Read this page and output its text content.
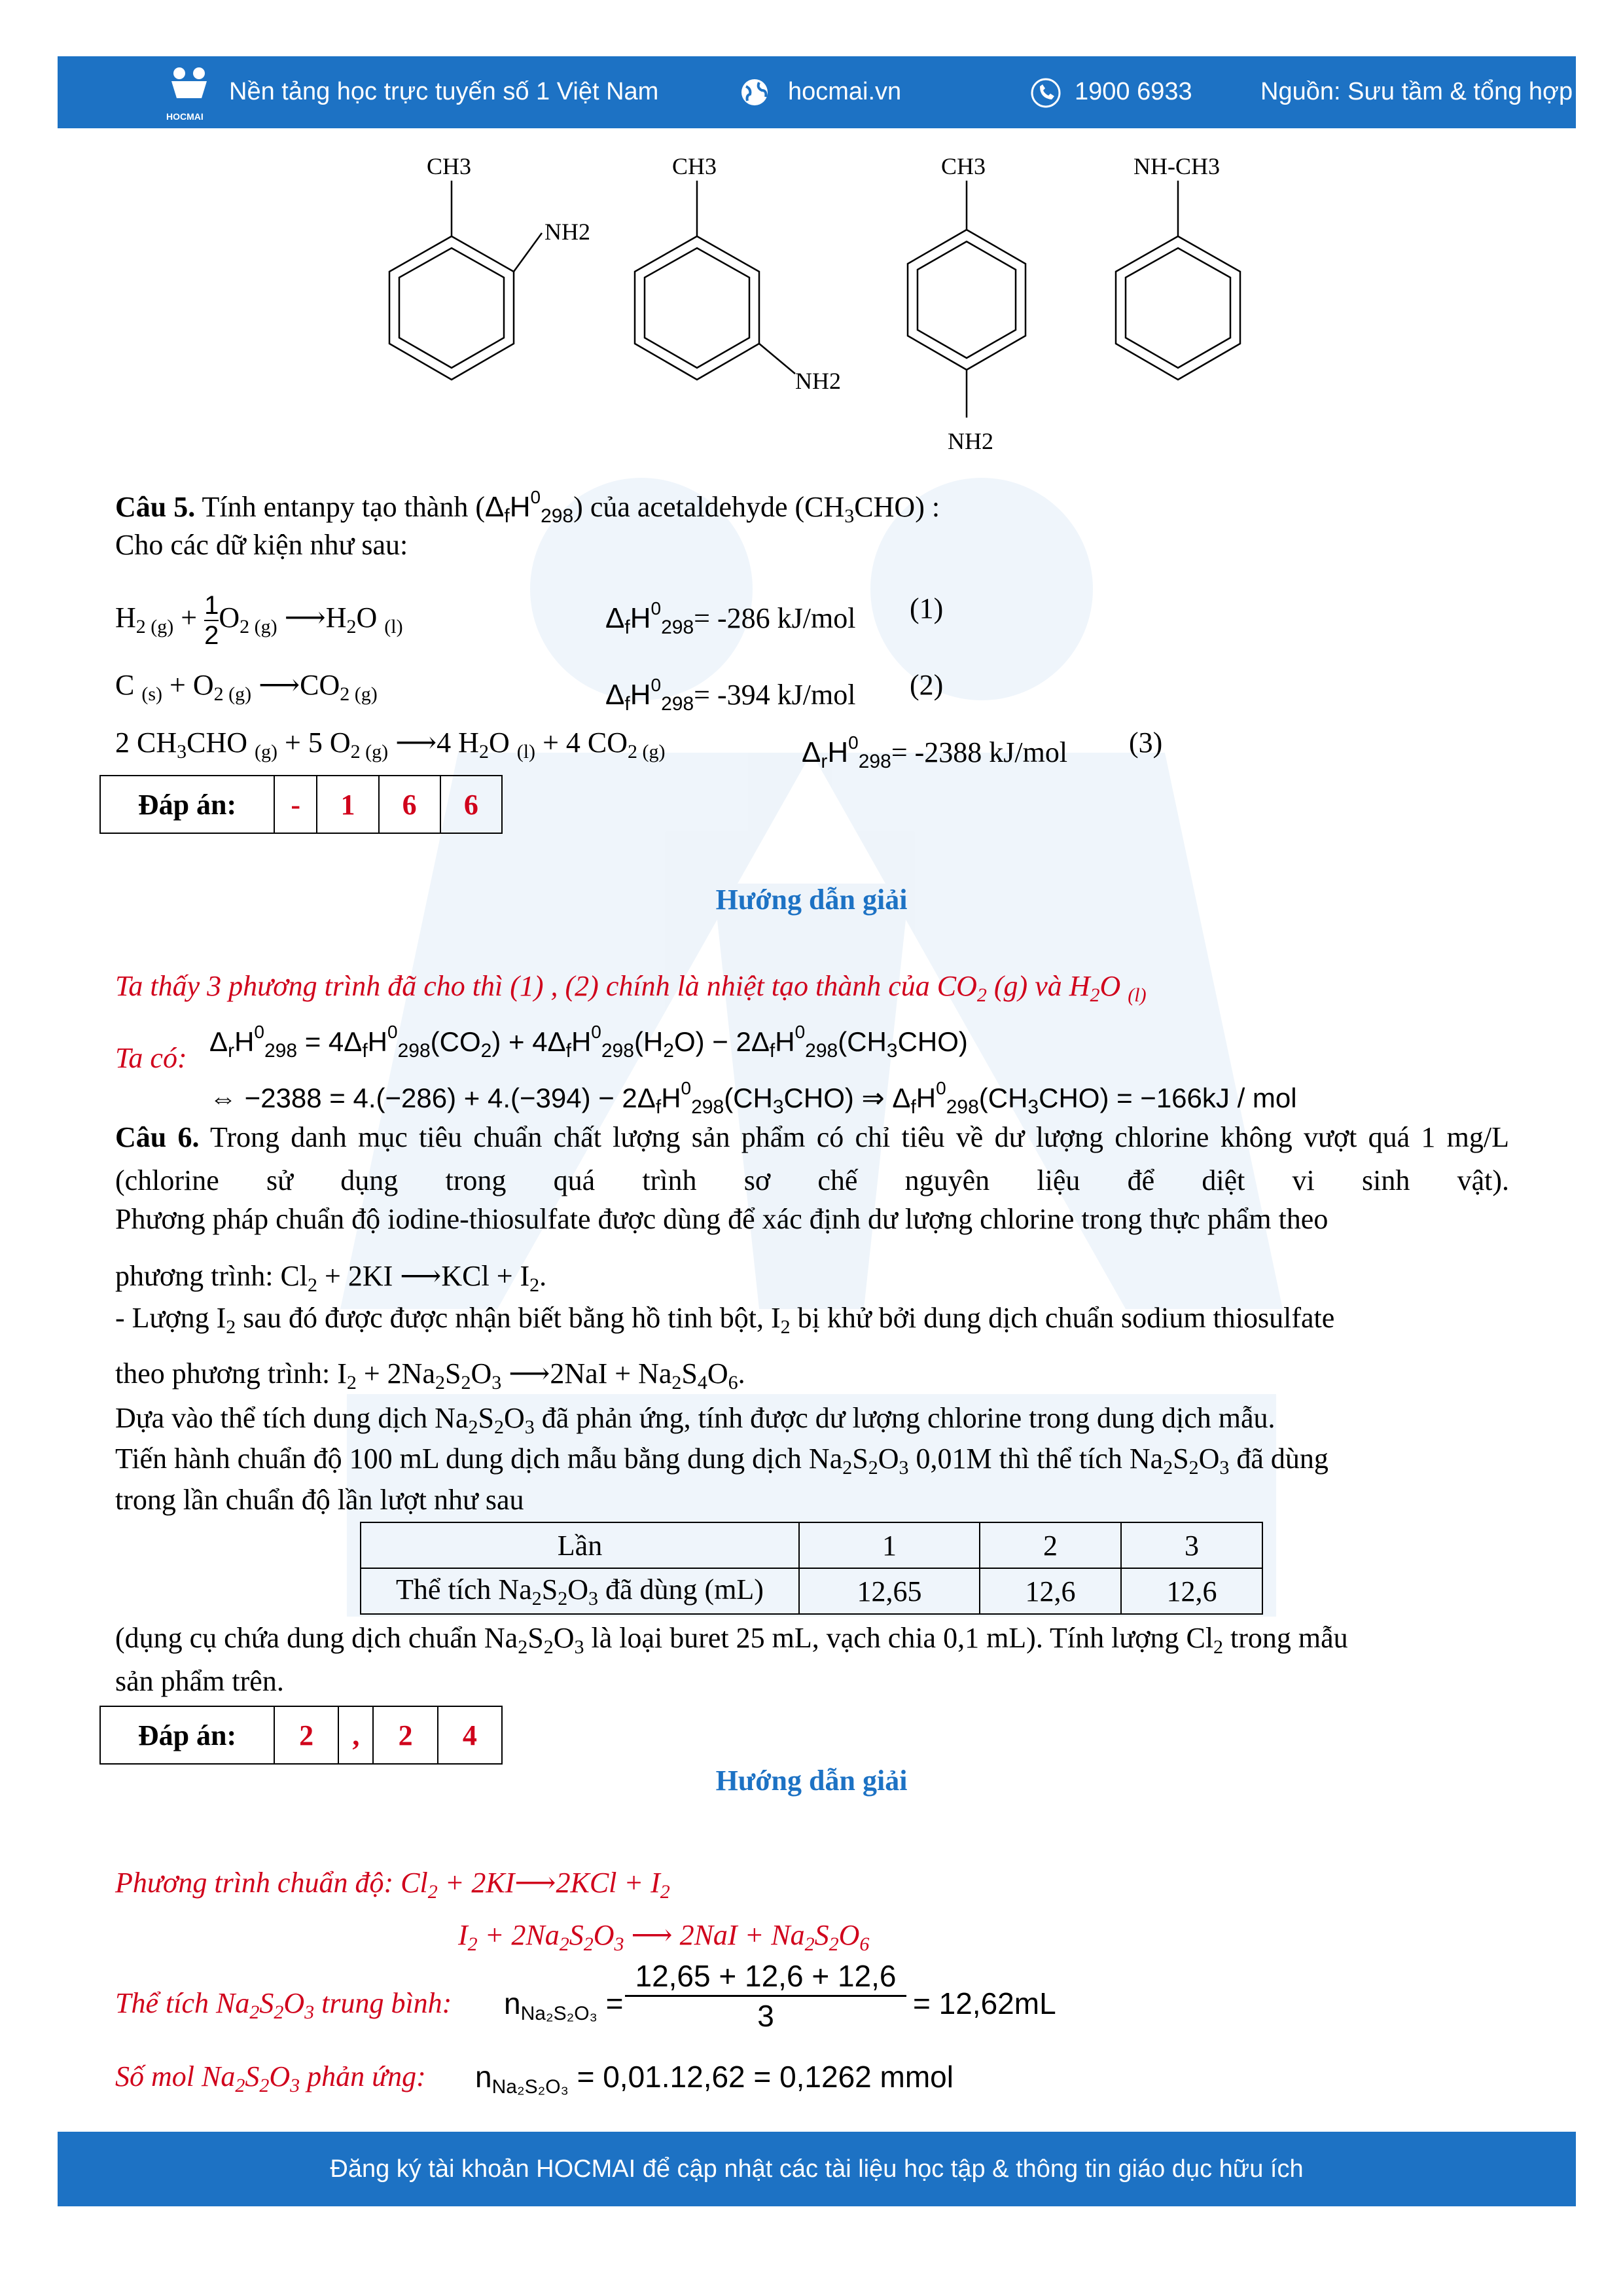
HOCMAI
Nền tảng học trực tuyến số 1 Việt Nam	hocmai.vn	1900 6933	Nguồn: Sưu tầm & tổng hợp
CH3
NH2
CH3
NH2
CH3
NH2
NH-CH3
Câu 5. Tính entanpy tạo thành $(\Delta_fH^0_{298})$ của acetaldehyde $(CH_3CHO)$ :
Cho các dữ kiện như sau:
$H_{2 (g)} + 1$

2
$O_{2 (g)}$ $⟶H_2O$ $_{(l)}$	$\Delta_fH^0_{298}= -286$ kJ/mol (1)
C $_{(s)} + O_{2 (g)}$ $⟶CO_{2 (g)}$	$\Delta_fH^0_{298}= -394$ kJ/mol (2)
2 $CH_3CHO$ $_{(g)}$ + 5 $O_{2 (g)}$ ⟶4 $H_2O$ $_{(l)}$ + 4 $CO_{2 (g)}$	$\Delta_rH^0_{298}= -2388$ kJ/mol (3)
Đáp án:	-	1	6	6
Hướng dẫn giải
Ta thấy 3 phương trình đã cho thì (1) , (2) chính là nhiệt tạo thành của $CO_2$ (g) và $H_2O$ $_{(l)}$
$\Delta_rH^0_{298} = 4\Delta_fH^0_{298}(CO_2) + 4\Delta_fH^0_{298}(H_2O) - 2\Delta_fH^0_{298}(CH_3CHO)$
Ta có:
⇔ $-2388 = 4.(-286) + 4.(-394) - 2\Delta_fH^0_{298}(CH_3CHO)$ ⇒ $\Delta_fH^0_{298}(CH_3CHO) = -166kJ$ / mol
Câu 6. Trong danh mục tiêu chuẩn chất lượng sản phẩm có chỉ tiêu về dư lượng chlorine không vượt quá 1 mg/L (chlorine sử dụng trong quá trình sơ chế nguyên liệu để diệt vi sinh vật).
Phương pháp chuẩn độ iodine-thiosulfate được dùng để xác định dư lượng chlorine trong thực phẩm theo
phương trình: $Cl_2 + 2KI$ ⟶KCl + $I_2$.
- Lượng $I_2$ sau đó được được nhận biết bằng hồ tinh bột, $I_2$ bị khử bởi dung dịch chuẩn sodium thiosulfate
theo phương trình: $I_2 + 2Na_2S_2O_3$ ⟶2NaI + $Na_2S_4O_6$.
Dựa vào thể tích dung dịch $Na_2S_2O_3$ đã phản ứng, tính được dư lượng chlorine trong dung dịch mẫu.
Tiến hành chuẩn độ 100 mL dung dịch mẫu bằng dung dịch $Na_2S_2O_3$ 0,01M thì thể tích $Na_2S_2O_3$ đã dùng
trong lần chuẩn độ lần lượt như sau
Lần	1	2	3
Thể tích $Na_2S_2O_3$ đã dùng (mL)	12,65	12,6	12,6
(dụng cụ chứa dung dịch chuẩn $Na_2S_2O_3$ là loại buret 25 mL, vạch chia 0,1 mL). Tính lượng $Cl_2$ trong mẫu
sản phẩm trên.
Đáp án:	2	,	2	4
Hướng dẫn giải
Phương trình chuẩn độ: $Cl_2$ + 2KI⟶2KCl + $I_2$
$I_2 + 2Na_2S_2O_3$ ⟶ $2NaI + Na_2S_2O_6$
Thể tích $Na_2S_2O_3$ trung bình: $n_{Na_2S_2O_3}$ =
12,65 + 12,6 + 12,6
3	= 12,62mL
Số mol $Na_2S_2O_3$ phản ứng: $n_{Na_2S_2O_3} = 0,01.12,62 = 0,1262$ mmol
Đăng ký tài khoản HOCMAI để cập nhật các tài liệu học tập & thông tin giáo dục hữu ích
